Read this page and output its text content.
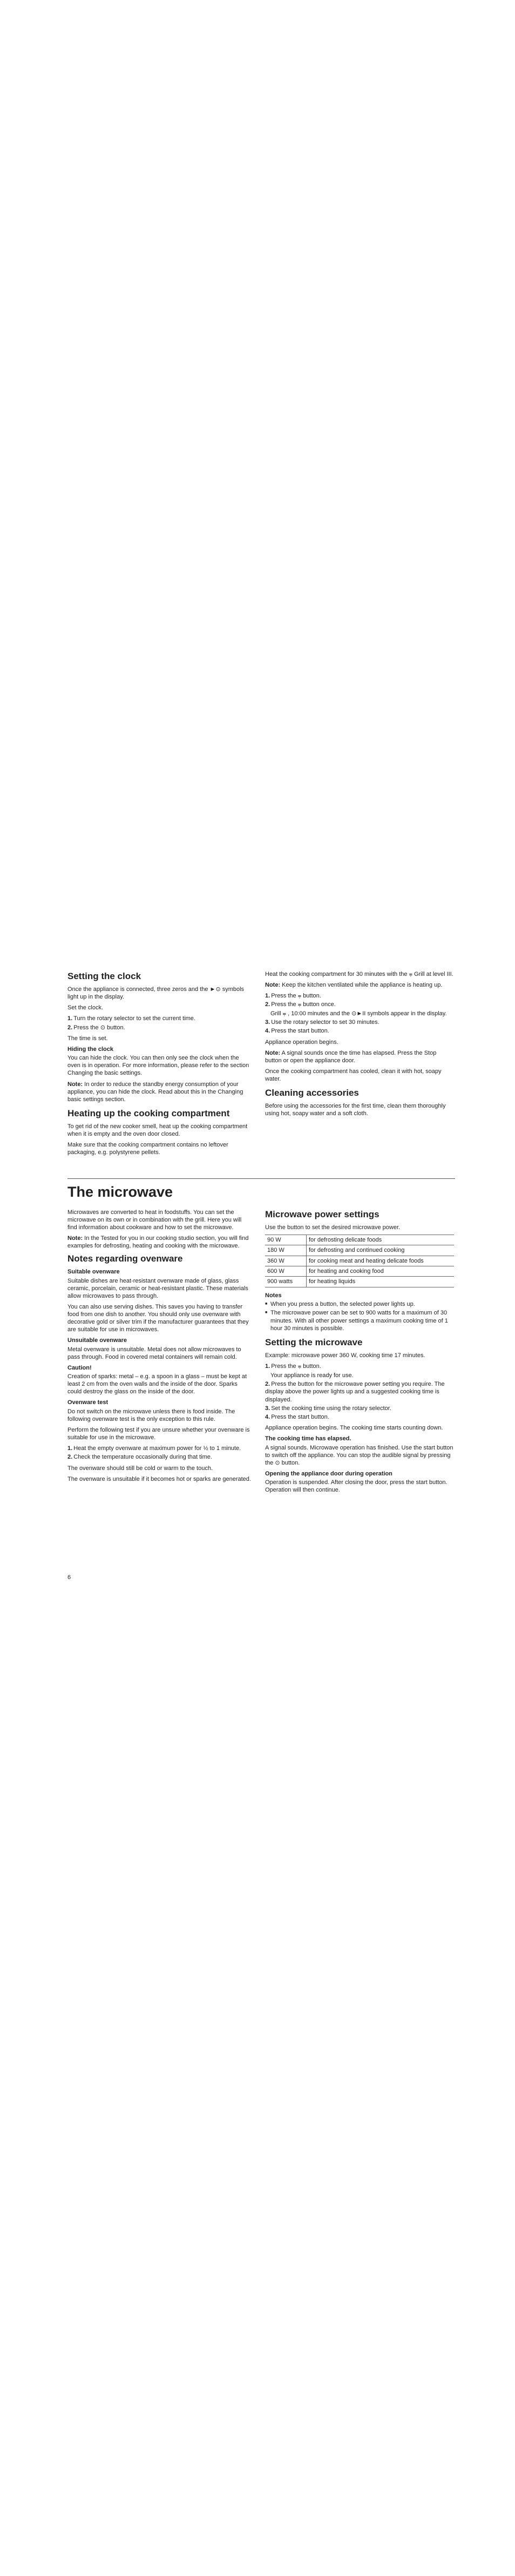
Setting the clock

Once the appliance is connected, three zeros and the ►⊙ symbols light up in the display.

Set the clock.

1. Turn the rotary selector to set the current time.
2. Press the ⊙ button.

The time is set.

Hiding the clock

You can hide the clock. You can then only see the clock when the oven is in operation. For more information, please refer to the section Changing the basic settings.

Note: In order to reduce the standby energy consumption of your appliance, you can hide the clock. Read about this in the Changing basic settings section.

Heating up the cooking compartment

To get rid of the new cooker smell, heat up the cooking compartment when it is empty and the oven door closed.

Make sure that the cooking compartment contains no leftover packaging, e.g. polystyrene pellets.

Heat the cooking compartment for 30 minutes with the ⩦ Grill at level III.

Note: Keep the kitchen ventilated while the appliance is heating up.

1. Press the ⩦ button.
2. Press the ⩦ button once.
Grill ⩦ , 10:00 minutes and the ⊙►II symbols appear in the display.
3. Use the rotary selector to set 30 minutes.
4. Press the start button.

Appliance operation begins.

Note: A signal sounds once the time has elapsed. Press the Stop button or open the appliance door.

Once the cooking compartment has cooled, clean it with hot, soapy water.

Cleaning accessories

Before using the accessories for the first time, clean them thoroughly using hot, soapy water and a soft cloth.

The microwave

Microwaves are converted to heat in foodstuffs. You can set the microwave on its own or in combination with the grill. Here you will find information about cookware and how to set the microwave.

Note: In the Tested for you in our cooking studio section, you will find examples for defrosting, heating and cooking with the microwave.

Notes regarding ovenware
Suitable ovenware

Suitable dishes are heat-resistant ovenware made of glass, glass ceramic, porcelain, ceramic or heat-resistant plastic. These materials allow microwaves to pass through.

You can also use serving dishes. This saves you having to transfer food from one dish to another. You should only use ovenware with decorative gold or silver trim if the manufacturer guarantees that they are suitable for use in microwaves.

Unsuitable ovenware

Metal ovenware is unsuitable. Metal does not allow microwaves to pass through. Food in covered metal containers will remain cold.

Caution!

Creation of sparks: metal – e.g. a spoon in a glass – must be kept at least 2 cm from the oven walls and the inside of the door. Sparks could destroy the glass on the inside of the door.

Ovenware test

Do not switch on the microwave unless there is food inside. The following ovenware test is the only exception to this rule.

Perform the following test if you are unsure whether your ovenware is suitable for use in the microwave.

1. Heat the empty ovenware at maximum power for ½ to 1 minute.
2. Check the temperature occasionally during that time.

The ovenware should still be cold or warm to the touch.

The ovenware is unsuitable if it becomes hot or sparks are generated.

Microwave power settings

Use the button to set the desired microwave power.

90 W	for defrosting delicate foods
180 W	for defrosting and continued cooking
360 W	for cooking meat and heating delicate foods
600 W	for heating and cooking food
900 watts	for heating liquids
Notes
■ When you press a button, the selected power lights up.
■ The microwave power can be set to 900 watts for a maximum of 30 minutes. With all other power settings a maximum cooking time of 1 hour 30 minutes is possible.
Setting the microwave

Example: microwave power 360 W, cooking time 17 minutes.

1. Press the ⩦ button.
Your appliance is ready for use.
2. Press the button for the microwave power setting you require. The display above the power lights up and a suggested cooking time is displayed.
3. Set the cooking time using the rotary selector.
4. Press the start button.

Appliance operation begins. The cooking time starts counting down.

The cooking time has elapsed.

A signal sounds. Microwave operation has finished. Use the start button to switch off the appliance. You can stop the audible signal by pressing the ⊙ button.

Opening the appliance door during operation

Operation is suspended. After closing the door, press the start button. Operation will then continue.

6
